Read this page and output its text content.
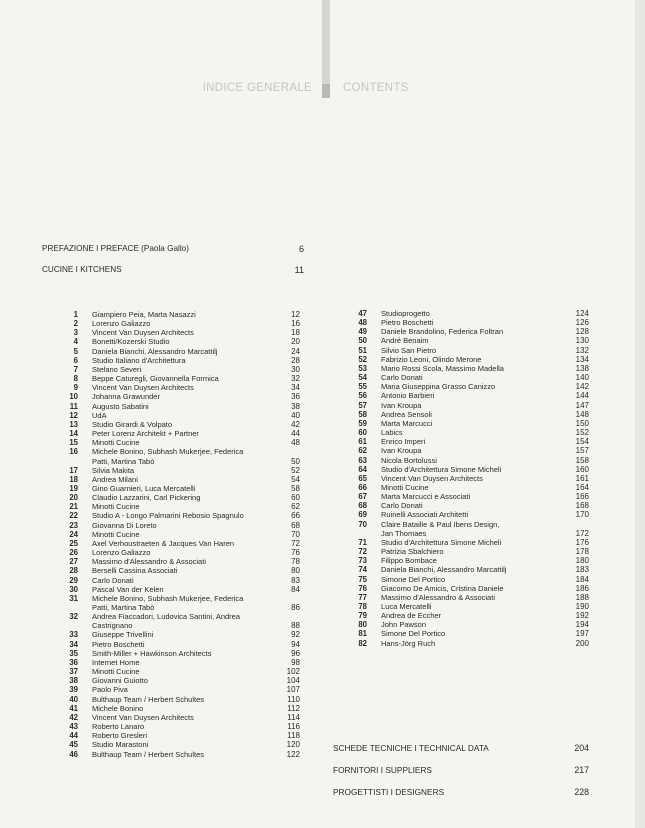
INDICE GENERALE	CONTENTS
PREFAZIONE I PREFACE (Paola Gallo)	6
CUCINE I KITCHENS	11
1 Giampiero Peia, Marta Nasazzi	12
2 Lorenzo Galiazzo	16
3 Vincent Van Duysen Architects	18
4 Bonetti/Kozerski Studio	20
5 Daniela Bianchi, Alessandro Marcattilj	24
6 Studio Italiano d'Architettura	28
7 Stefano Severi	30
8 Beppe Caturegli, Giovannella Formica	32
9 Vincent Van Duysen Architects	34
10 Johanna Grawunder	36
11 Augusto Sabatini	38
12 UdA	40
13 Studio Girardi & Volpato	42
14 Peter Lorenz Architekt + Partner	44
15 Minotti Cucine	48
16 Michele Bonino, Subhash Mukerjee, Federica
Patti, Martina Tabò	50
17 Silvia Makita	52
18 Andrea Milani	54
19 Gino Guarnieri, Luca Mercatelli	58
20 Claudio Lazzarini, Carl Pickering	60
21 Minotti Cucine	62
22 Studio A - Longo Palmarini Rebosio Spagnulo	66
23 Giovanna Di Loreto	68
24 Minotti Cucine	70
25 Axel Verhoustraeten & Jacques Van Haren	72
26 Lorenzo Galiazzo	76
27 Massimo d'Alessandro & Associati	78
28 Berselli Cassina Associati	80
29 Carlo Donati	83
30 Pascal Van der Kelen	84
31 Michele Bonino, Subhash Mukerjee, Federica
Patti, Martina Tabò	86
32 Andrea Fiaccadori, Ludovica Santini, Andrea
Castrignano	88
33 Giuseppe Trivellini	92
34 Pietro Boschetti	94
35 Smith-Miller + Hawkinson Architects	96
36 Internet Home	98
37 Minotti Cucine	102
38 Giovanni Guiotto	104
39 Paolo Piva	107
40 Bulthaup Team / Herbert Schultes	110
41 Michele Bonino	112
42 Vincent Van Duysen Architects	114
43 Roberto Lanaro	116
44 Roberto Gresleri	118
45 Studio Marastoni	120
46 Bulthaup Team / Herbert Schultes	122
47 Studioprogetto	124
48 Pietro Boschetti	126
49 Daniele Brandolino, Federica Foltran	128
50 André Benaim	130
51 Silvio San Pietro	132
52 Fabrizio Leoni, Olindo Merone	134
53 Mario Rossi Scola, Massimo Madella	138
54 Carlo Donati	140
55 Maria Giuseppina Grasso Canizzo	142
56 Antonio Barbieri	144
57 Ivan Kroupa	147
58 Andrea Sensoli	148
59 Marta Marcucci	150
60 Labics	152
61 Enrico Imperi	154
62 Ivan Kroupa	157
63 Nicola Bortolussi	158
64 Studio d'Architettura Simone Micheli	160
65 Vincent Van Duysen Architects	161
66 Minotti Cucine	164
67 Marta Marcucci e Associati	166
68 Carlo Donati	168
69 Ruinelli Associati Architetti	170
70 Claire Bataille & Paul Ibens Design,
Jan Thomaes	172
71 Studio d'Architettura Simone Micheli	176
72 Patrizia Sbalchiero	178
73 Filippo Bombace	180
74 Daniela Bianchi, Alessandro Marcattilj	183
75 Simone Del Portico	184
76 Giacomo De Amicis, Cristina Daniele	186
77 Massimo d'Alessandro & Associati	188
78 Luca Mercatelli	190
79 Andrea de Eccher	192
80 John Pawson	194
81 Simone Del Portico	197
82 Hans-Jörg Ruch	200
SCHEDE TECNICHE I TECHNICAL DATA	204
FORNITORI I SUPPLIERS	217
PROGETTISTI I DESIGNERS	228
